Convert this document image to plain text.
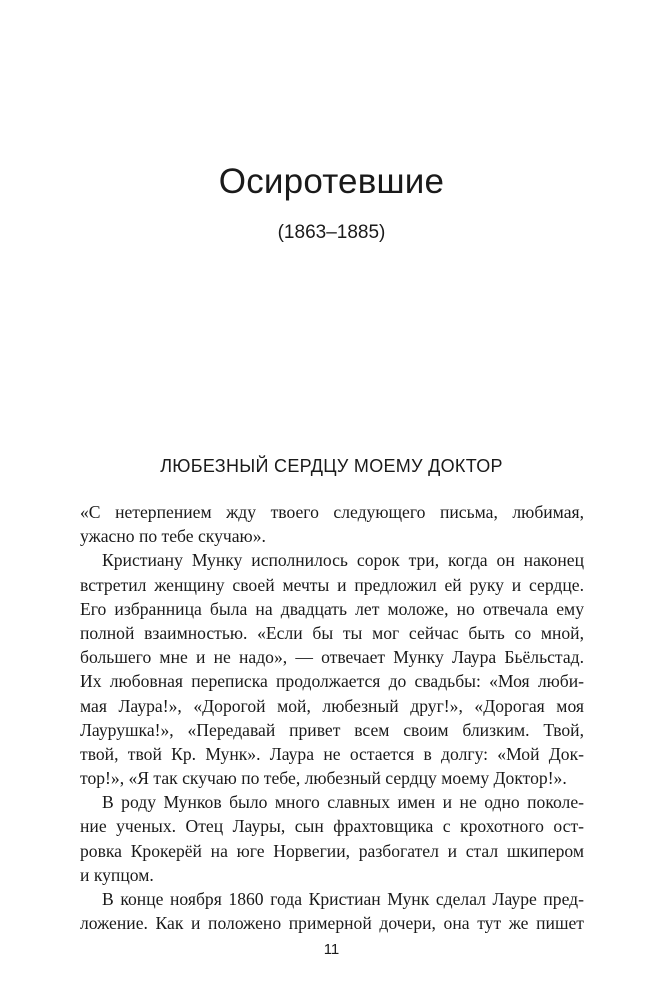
Осиротевшие
(1863–1885)
ЛЮБЕЗНЫЙ СЕРДЦУ МОЕМУ ДОКТОР
«С нетерпением жду твоего следующего письма, любимая,
ужасно по тебе скучаю».
Кристиану Мунку исполнилось сорок три, когда он наконец
встретил женщину своей мечты и предложил ей руку и сердце.
Его избранница была на двадцать лет моложе, но отвечала ему
полной взаимностью. «Если бы ты мог сейчас быть со мной,
большего мне и не надо», — отвечает Мунку Лаура Бьёльстад.
Их любовная переписка продолжается до свадьбы: «Моя люби-
мая Лаура!», «Дорогой мой, любезный друг!», «Дорогая моя
Лаурушка!», «Передавай привет всем своим близким. Твой,
твой, твой Кр. Мунк». Лаура не остается в долгу: «Мой Док-
тор!», «Я так скучаю по тебе, любезный сердцу моему Доктор!».
В роду Мунков было много славных имен и не одно поколе-
ние ученых. Отец Лауры, сын фрахтовщика с крохотного ост-
ровка Крокерёй на юге Норвегии, разбогател и стал шкипером
и купцом.
В конце ноября 1860 года Кристиан Мунк сделал Лауре пред-
ложение. Как и положено примерной дочери, она тут же пишет
11
